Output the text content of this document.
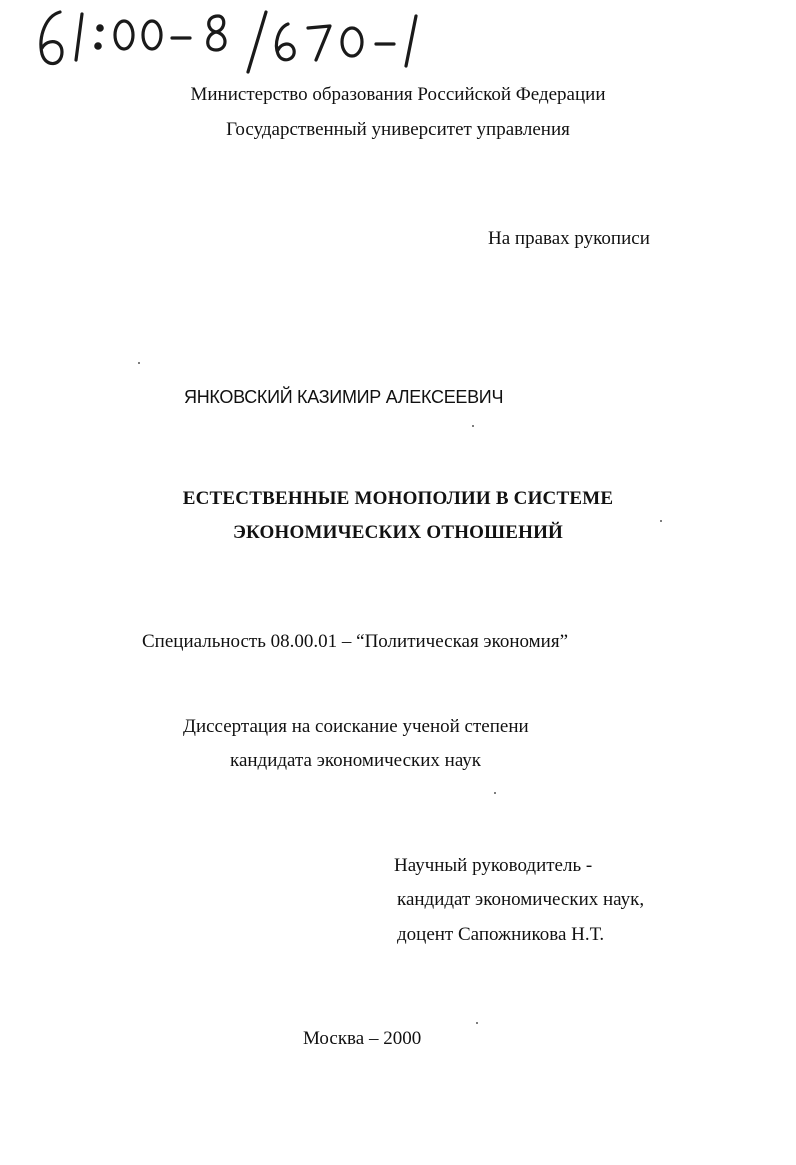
Министерство образования Российской Федерации
Государственный университет управления
На правах рукописи
ЯНКОВСКИЙ КАЗИМИР АЛЕКСЕЕВИЧ
ЕСТЕСТВЕННЫЕ МОНОПОЛИИ В СИСТЕМЕ
ЭКОНОМИЧЕСКИХ ОТНОШЕНИЙ
Специальность 08.00.01 – “Политическая экономия”
Диссертация на соискание ученой степени
кандидата экономических наук
Научный руководитель -
кандидат экономических наук,
доцент Сапожникова Н.Т.
Москва – 2000
